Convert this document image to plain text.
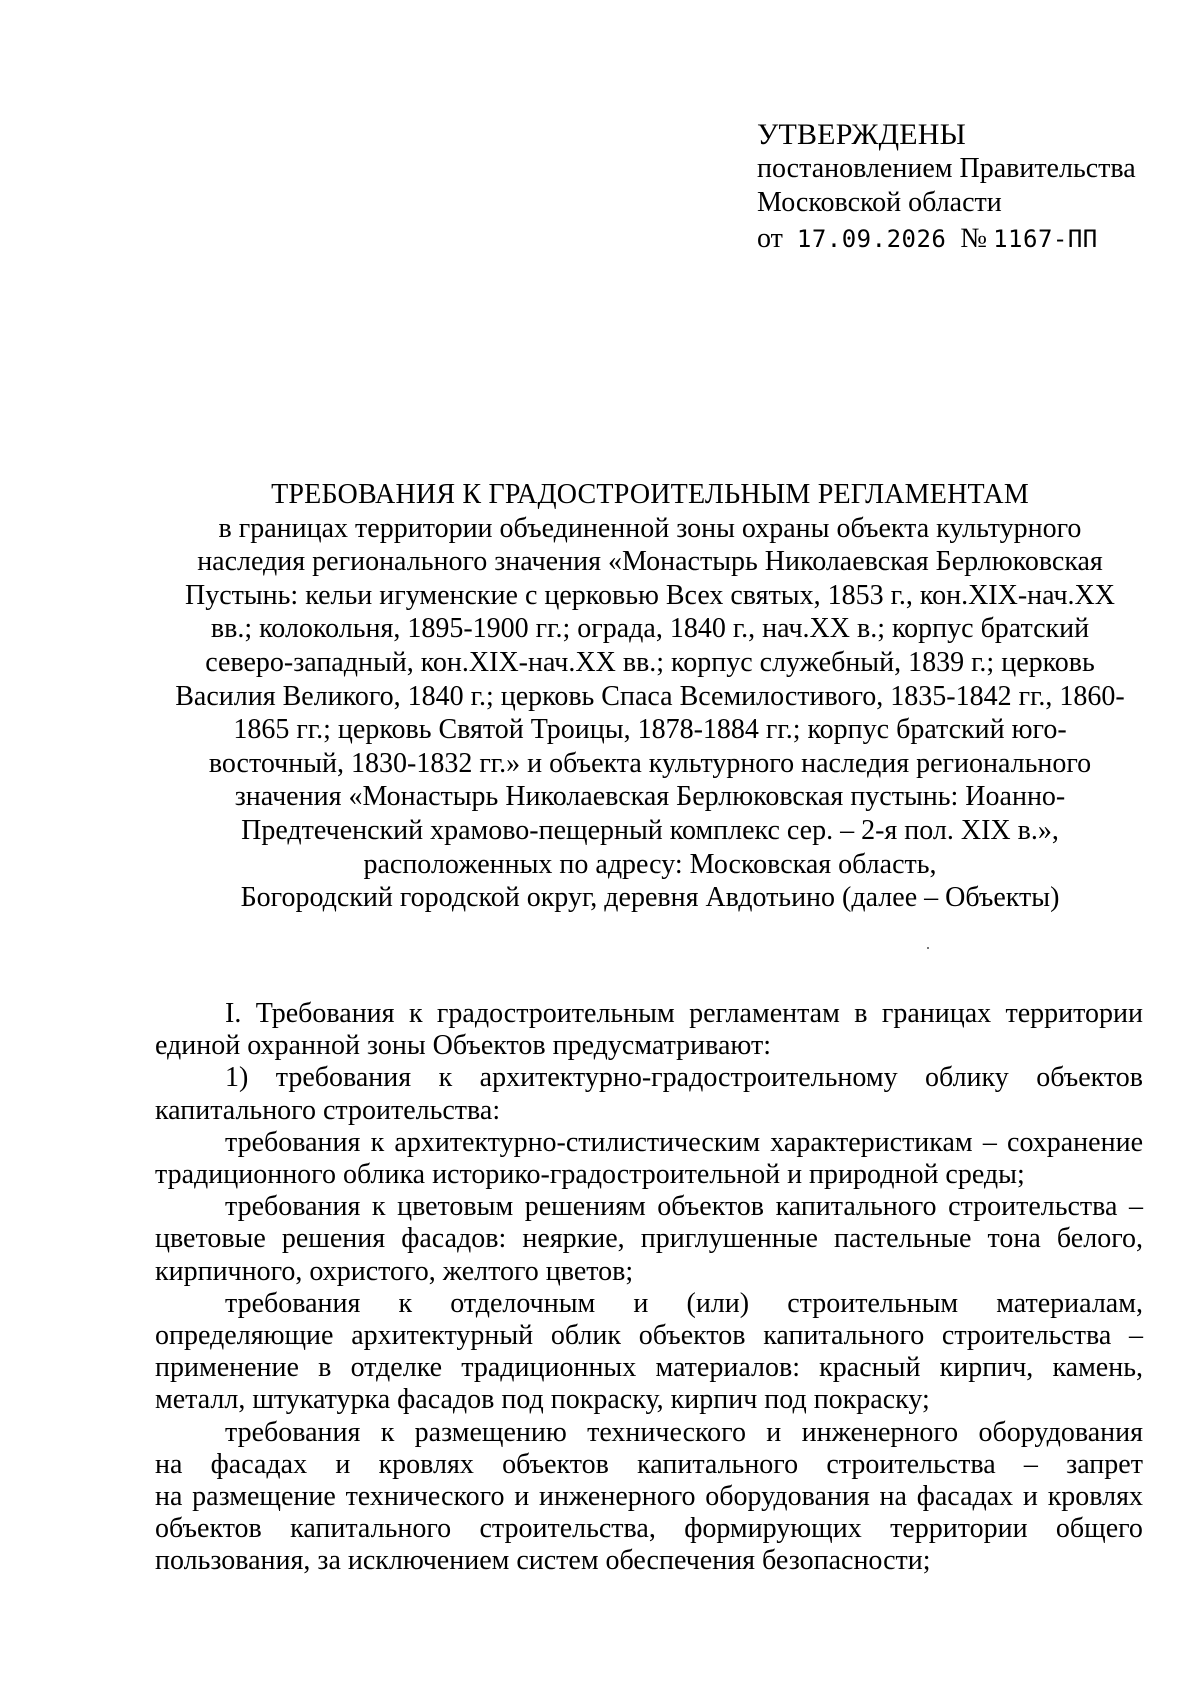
УТВЕРЖДЕНЫ
постановлением Правительства
Московской области
от 17.09.2026 № 1167-ПП
ТРЕБОВАНИЯ К ГРАДОСТРОИТЕЛЬНЫМ РЕГЛАМЕНТАМ
в границах территории объединенной зоны охраны объекта культурного
наследия регионального значения «Монастырь Николаевская Берлюковская
Пустынь: кельи игуменские с церковью Всех святых, 1853 г., кон.XIX-нач.XX
вв.; колокольня, 1895-1900 гг.; ограда, 1840 г., нач.XX в.; корпус братский
северо-западный, кон.XIX-нач.XX вв.; корпус служебный, 1839 г.; церковь
Василия Великого, 1840 г.; церковь Спаса Всемилостивого, 1835-1842 гг., 1860-
1865 гг.; церковь Святой Троицы, 1878-1884 гг.; корпус братский юго-
восточный, 1830-1832 гг.» и объекта культурного наследия регионального
значения «Монастырь Николаевская Берлюковская пустынь: Иоанно-
Предтеченский храмово-пещерный комплекс сер. – 2-я пол. XIX в.»,
расположенных по адресу: Московская область,
Богородский городской округ, деревня Авдотьино (далее – Объекты)
I. Требования к градостроительным регламентам в границах территории
единой охранной зоны Объектов предусматривают:
1) требования к архитектурно-градостроительному облику объектов
капитального строительства:
требования к архитектурно-стилистическим характеристикам – сохранение
традиционного облика историко-градостроительной и природной среды;
требования к цветовым решениям объектов капитального строительства –
цветовые решения фасадов: неяркие, приглушенные пастельные тона белого,
кирпичного, охристого, желтого цветов;
требования к отделочным и (или) строительным материалам,
определяющие архитектурный облик объектов капитального строительства –
применение в отделке традиционных материалов: красный кирпич, камень,
металл, штукатурка фасадов под покраску, кирпич под покраску;
требования к размещению технического и инженерного оборудования
на фасадах и кровлях объектов капитального строительства – запрет
на размещение технического и инженерного оборудования на фасадах и кровлях
объектов капитального строительства, формирующих территории общего
пользования, за исключением систем обеспечения безопасности;
